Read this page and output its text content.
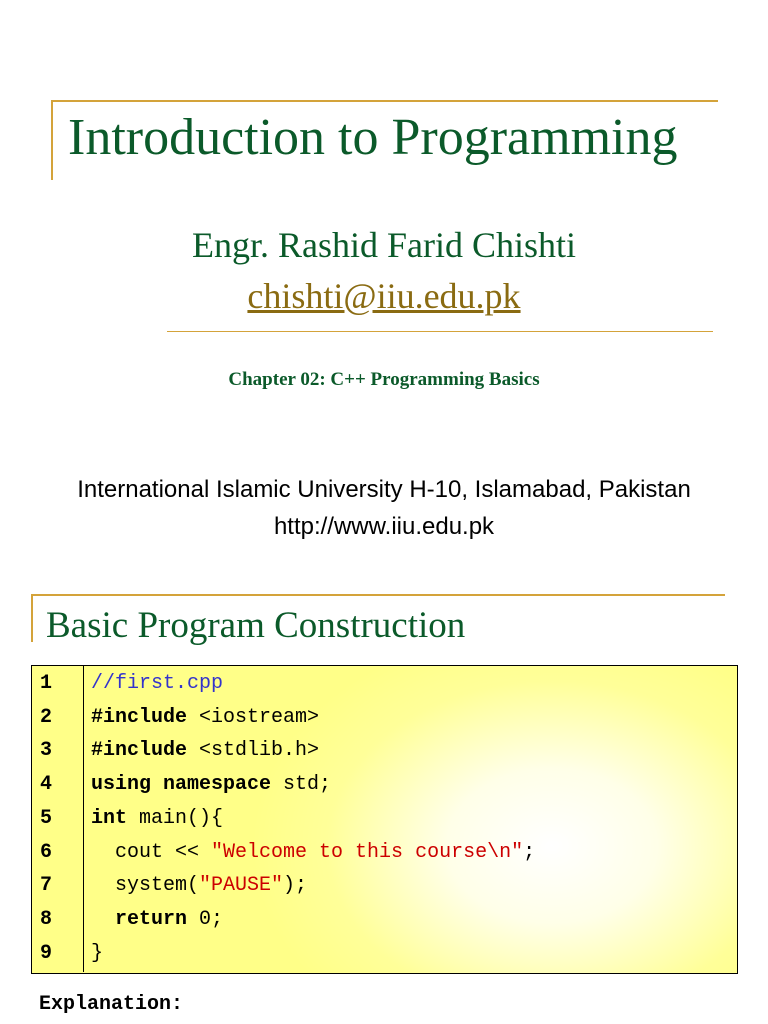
Introduction to Programming
Engr. Rashid Farid Chishti
chishti@iiu.edu.pk
Chapter 02: C++ Programming Basics
International Islamic University H-10, Islamabad, Pakistan
http://www.iiu.edu.pk
Basic Program Construction
1
2
3
4
5
6
7
8
9
//first.cpp
#include <iostream>
#include <stdlib.h>
using namespace std;
int main(){
cout << "Welcome to this course\n";
system("PAUSE");
return 0;
}
Explanation:
